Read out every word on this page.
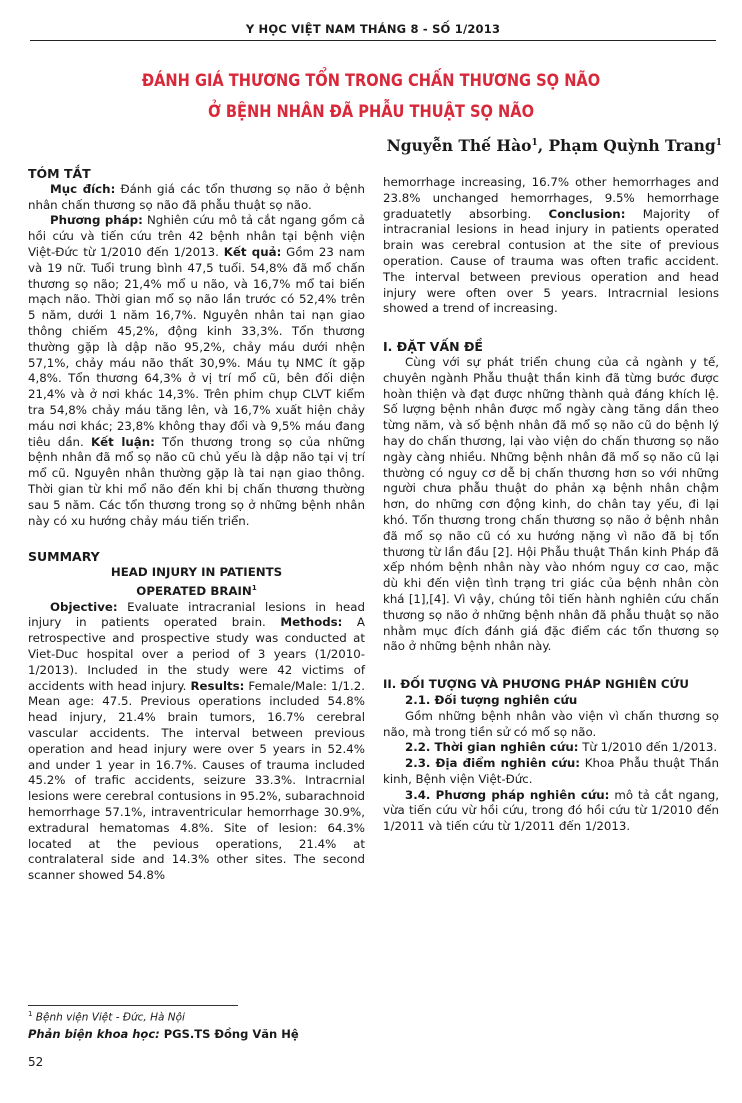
Y HỌC VIỆT NAM THÁNG 8 - SỐ 1/2013
ĐÁNH GIÁ THƯƠNG TỔN TRONG CHẤN THƯƠNG SỌ NÃO
Ở BỆNH NHÂN ĐÃ PHẪU THUẬT SỌ NÃO
Nguyễn Thế Hào$^1$, Phạm Quỳnh Trang$^1$
TÓM TẮT

Mục đích: Đánh giá các tổn thương sọ não ở bệnh nhân chấn thương sọ não đã phẫu thuật sọ não.

Phương pháp: Nghiên cứu mô tả cắt ngang gồm cả hồi cứu và tiến cứu trên 42 bệnh nhân tại bệnh viện Việt-Đức từ 1/2010 đến 1/2013. Kết quả: Gồm 23 nam và 19 nữ. Tuổi trung bình 47,5 tuổi. 54,8% đã mổ chấn thương sọ não; 21,4% mổ u não, và 16,7% mổ tai biến mạch não. Thời gian mổ sọ não lần trước có 52,4% trên 5 năm, dưới 1 năm 16,7%. Nguyên nhân tai nạn giao thông chiếm 45,2%, động kinh 33,3%. Tổn thương thường gặp là dập não 95,2%, chảy máu dưới nhện 57,1%, chảy máu não thất 30,9%. Máu tụ NMC ít gặp 4,8%. Tổn thương 64,3% ở vị trí mổ cũ, bên đối diện 21,4% và ở nơi khác 14,3%. Trên phim chụp CLVT kiểm tra 54,8% chảy máu tăng lên, và 16,7% xuất hiện chảy máu nơi khác; 23,8% không thay đổi và 9,5% máu đang tiêu dần. Kết luận: Tổn thương trong sọ của những bệnh nhân đã mổ sọ não cũ chủ yếu là dập não tại vị trí mổ cũ. Nguyên nhân thường gặp là tai nạn giao thông. Thời gian từ khi mổ não đến khi bị chấn thương thường sau 5 năm. Các tổn thương trong sọ ở những bệnh nhân này có xu hướng chảy máu tiến triển.

SUMMARY
HEAD INJURY IN PATIENTS
OPERATED BRAIN$^1$

Objective: Evaluate intracranial lesions in head injury in patients operated brain. Methods: A retrospective and prospective study was conducted at Viet-Duc hospital over a period of 3 years (1/2010-1/2013). Included in the study were 42 victims of accidents with head injury. Results: Female/Male: 1/1.2. Mean age: 47.5. Previous operations included 54.8% head injury, 21.4% brain tumors, 16.7% cerebral vascular accidents. The interval between previous operation and head injury were over 5 years in 52.4% and under 1 year in 16.7%. Causes of trauma included 45.2% of trafic accidents, seizure 33.3%. Intracrnial lesions were cerebral contusions in 95.2%, subarachnoid hemorrhage 57.1%, intraventricular hemorrhage 30.9%, extradural hematomas 4.8%. Site of lesion: 64.3% located at the pevious operations, 21.4% at contralateral side and 14.3% other sites. The second scanner showed 54.8%

hemorrhage increasing, 16.7% other hemorrhages and 23.8% unchanged hemorrhages, 9.5% hemorrhage graduatetly absorbing. Conclusion: Majority of intracranial lesions in head injury in patients operated brain was cerebral contusion at the site of previous operation. Cause of trauma was often trafic accident. The interval between previous operation and head injury were often over 5 years. Intracrnial lesions showed a trend of increasing.

I. ĐẶT VẤN ĐỀ

Cùng với sự phát triển chung của cả ngành y tế, chuyên ngành Phẫu thuật thần kinh đã từng bước được hoàn thiện và đạt được những thành quả đáng khích lệ. Số lượng bệnh nhân được mổ ngày càng tăng dần theo từng năm, và số bệnh nhân đã mổ sọ não cũ do bệnh lý hay do chấn thương, lại vào viện do chấn thương sọ não ngày càng nhiều. Những bệnh nhân đã mổ sọ não cũ lại thường có nguy cơ dễ bị chấn thương hơn so với những người chưa phẫu thuật do phản xạ bệnh nhân chậm hơn, do những cơn động kinh, do chân tay yếu, đi lại khó. Tổn thương trong chấn thương sọ não ở bệnh nhân đã mổ sọ não cũ có xu hướng nặng vì não đã bị tổn thương từ lần đầu [2]. Hội Phẫu thuật Thần kinh Pháp đã xếp nhóm bệnh nhân này vào nhóm nguy cơ cao, mặc dù khi đến viện tình trạng tri giác của bệnh nhân còn khá [1],[4]. Vì vậy, chúng tôi tiến hành nghiên cứu chấn thương sọ não ở những bệnh nhân đã phẫu thuật sọ não nhằm mục đích đánh giá đặc điểm các tổn thương sọ não ở những bệnh nhân này.

II. ĐỐI TƯỢNG VÀ PHƯƠNG PHÁP NGHIÊN CỨU

2.1. Đối tượng nghiên cứu

Gồm những bệnh nhân vào viện vì chấn thương sọ não, mà trong tiền sử có mổ sọ não.

2.2. Thời gian nghiên cứu: Từ 1/2010 đến 1/2013.

2.3. Địa điểm nghiên cứu: Khoa Phẫu thuật Thần kinh, Bệnh viện Việt-Đức.

3.4. Phương pháp nghiên cứu: mô tả cắt ngang, vừa tiến cứu vừ hồi cứu, trong đó hồi cứu từ 1/2010 đến 1/2011 và tiến cứu từ 1/2011 đến 1/2013.

$^1$ Bệnh viện Việt - Đức, Hà Nội
Phản biện khoa học: PGS.TS Đồng Văn Hệ
52
